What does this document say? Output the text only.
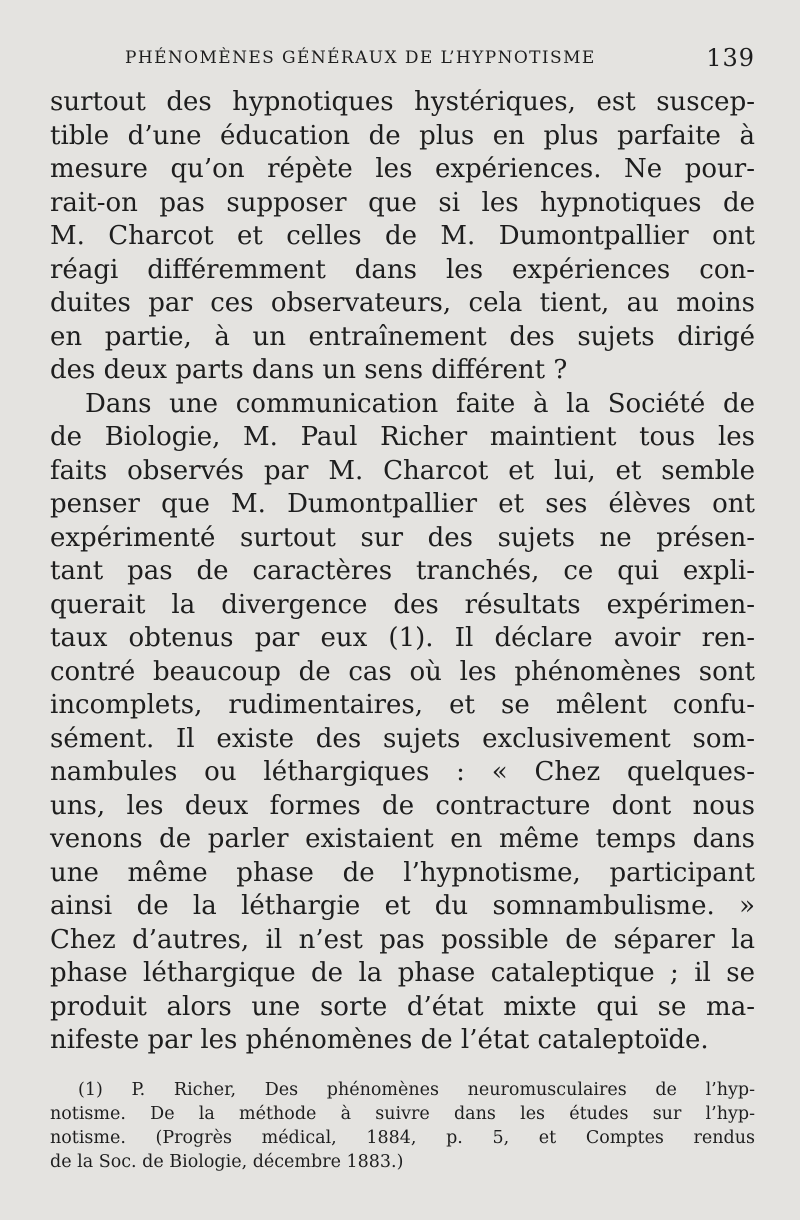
PHÉNOMÈNES GÉNÉRAUX DE L’HYPNOTISME	139
surtout des hypnotiques hystériques, est suscep-
tible d’une éducation de plus en plus parfaite à
mesure qu’on répète les expériences. Ne pour-
rait-on pas supposer que si les hypnotiques de
M. Charcot et celles de M. Dumontpallier ont
réagi différemment dans les expériences con-
duites par ces observateurs, cela tient, au moins
en partie, à un entraînement des sujets dirigé
des deux parts dans un sens différent ?
Dans une communication faite à la Société de
de Biologie, M. Paul Richer maintient tous les
faits observés par M. Charcot et lui, et semble
penser que M. Dumontpallier et ses élèves ont
expérimenté surtout sur des sujets ne présen-
tant pas de caractères tranchés, ce qui expli-
querait la divergence des résultats expérimen-
taux obtenus par eux (1). Il déclare avoir ren-
contré beaucoup de cas où les phénomènes sont
incomplets, rudimentaires, et se mêlent confu-
sément. Il existe des sujets exclusivement som-
nambules ou léthargiques : « Chez quelques-
uns, les deux formes de contracture dont nous
venons de parler existaient en même temps dans
une même phase de l’hypnotisme, participant
ainsi de la léthargie et du somnambulisme. »
Chez d’autres, il n’est pas possible de séparer la
phase léthargique de la phase cataleptique ; il se
produit alors une sorte d’état mixte qui se ma-
nifeste par les phénomènes de l’état cataleptoïde.
(1) P. Richer, Des phénomènes neuromusculaires de l’hyp-
notisme. De la méthode à suivre dans les études sur l’hyp-
notisme. (Progrès médical, 1884, p. 5, et Comptes rendus
de la Soc. de Biologie, décembre 1883.)
